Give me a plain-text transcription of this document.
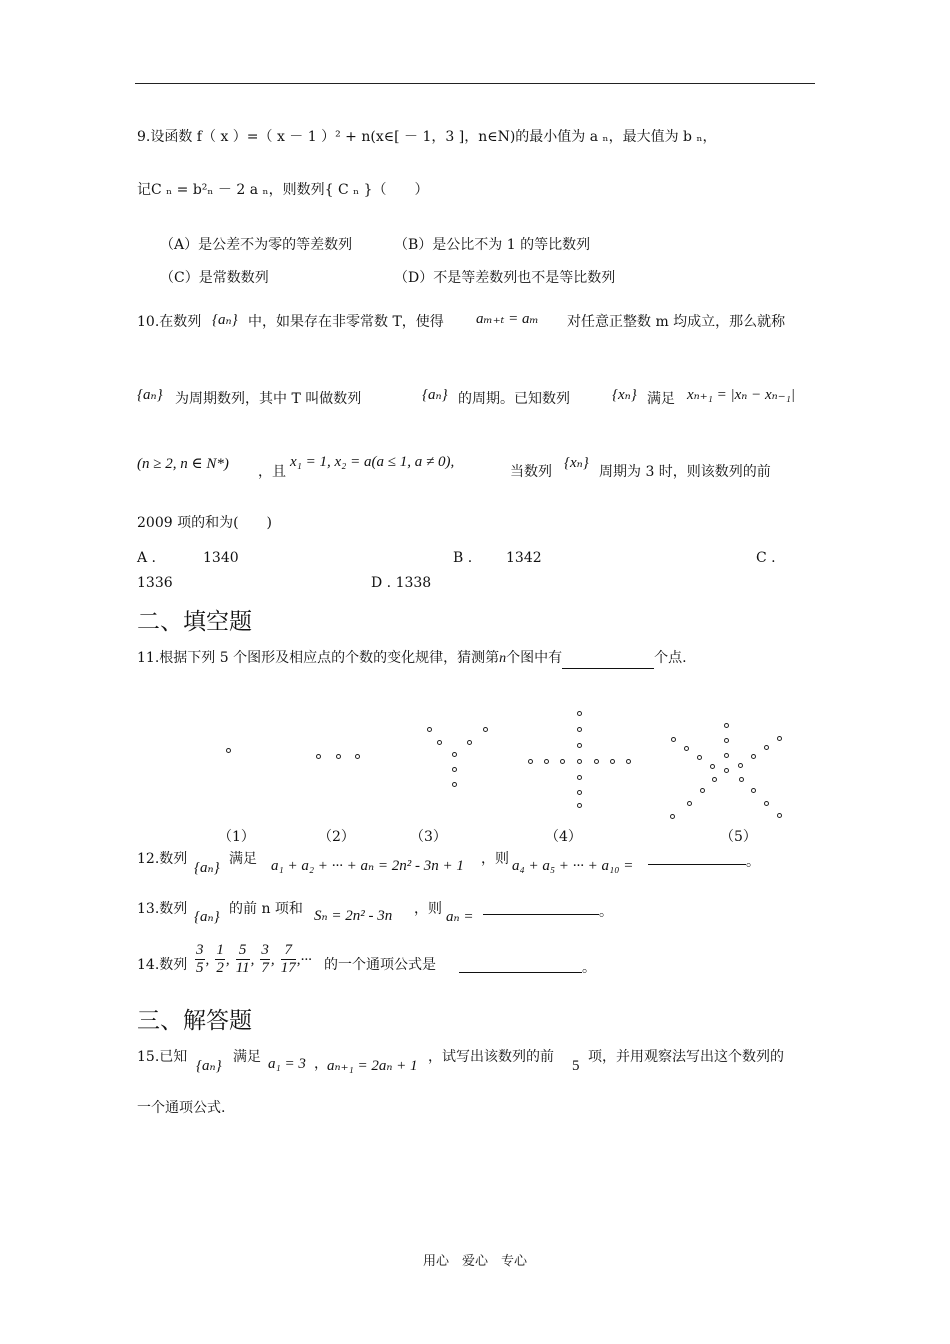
9.设函数 f（ x ）=（ x － 1 ）² + n(x∈[ － 1，3 ]，n∈N)的最小值为 a ₙ，最大值为 b ₙ，
记C ₙ = b²ₙ － 2 a ₙ，则数列{ C ₙ }（　　）
（A）是公差不为零的等差数列	（B）是公比不为 1 的等比数列
（C）是常数数列	（D）不是等差数列也不是等比数列
10.在数列 {aₙ} 中，如果存在非零常数 T，使得 aₘ₊ₜ = aₘ 对任意正整数 m 均成立，那么就称
{aₙ} 为周期数列，其中 T 叫做数列	{aₙ} 的周期。已知数列	{xₙ} 满足 xₙ₊₁ = |xₙ − xₙ₋₁|
(n ≥ 2, n ∈ N*) ，且
x₁ = 1, x₂ = a(a ≤ 1, a ≠ 0),
当数列
{xₙ}
周期为 3 时，则该数列的前
2009 项的和为(　　)
A .	1340	B . 1342	C .
1336	D . 1338
二、填空题
11.根据下列 5 个图形及相应点的个数的变化规律，猜测第n个图中有	个点.
（1）	（2）	（3）	（4）	（5）
12.数列
{aₙ}
满足 a₁ + a₂ + ··· + aₙ = 2n² - 3n + 1 ，则 a₄ + a₅ + ··· + a₁₀ =	。
13.数列 {aₙ} 的前 n 项和 Sₙ = 2n² - 3n ，则 aₙ =	。
14.数列 $\frac{3}{5}$ , $\frac{1}{2}$ , $\frac{5}{11}$ , $\frac{3}{7}$ , $\frac{7}{17}$ ,··· 的一个通项公式是	。
三、解答题
15.已知
{aₙ}
满足 a₁ = 3 ， aₙ₊₁ = 2aₙ + 1
，试写出该数列的前
5
项，并用观察法写出这个数列的
一个通项公式.
用心　爱心　专心
